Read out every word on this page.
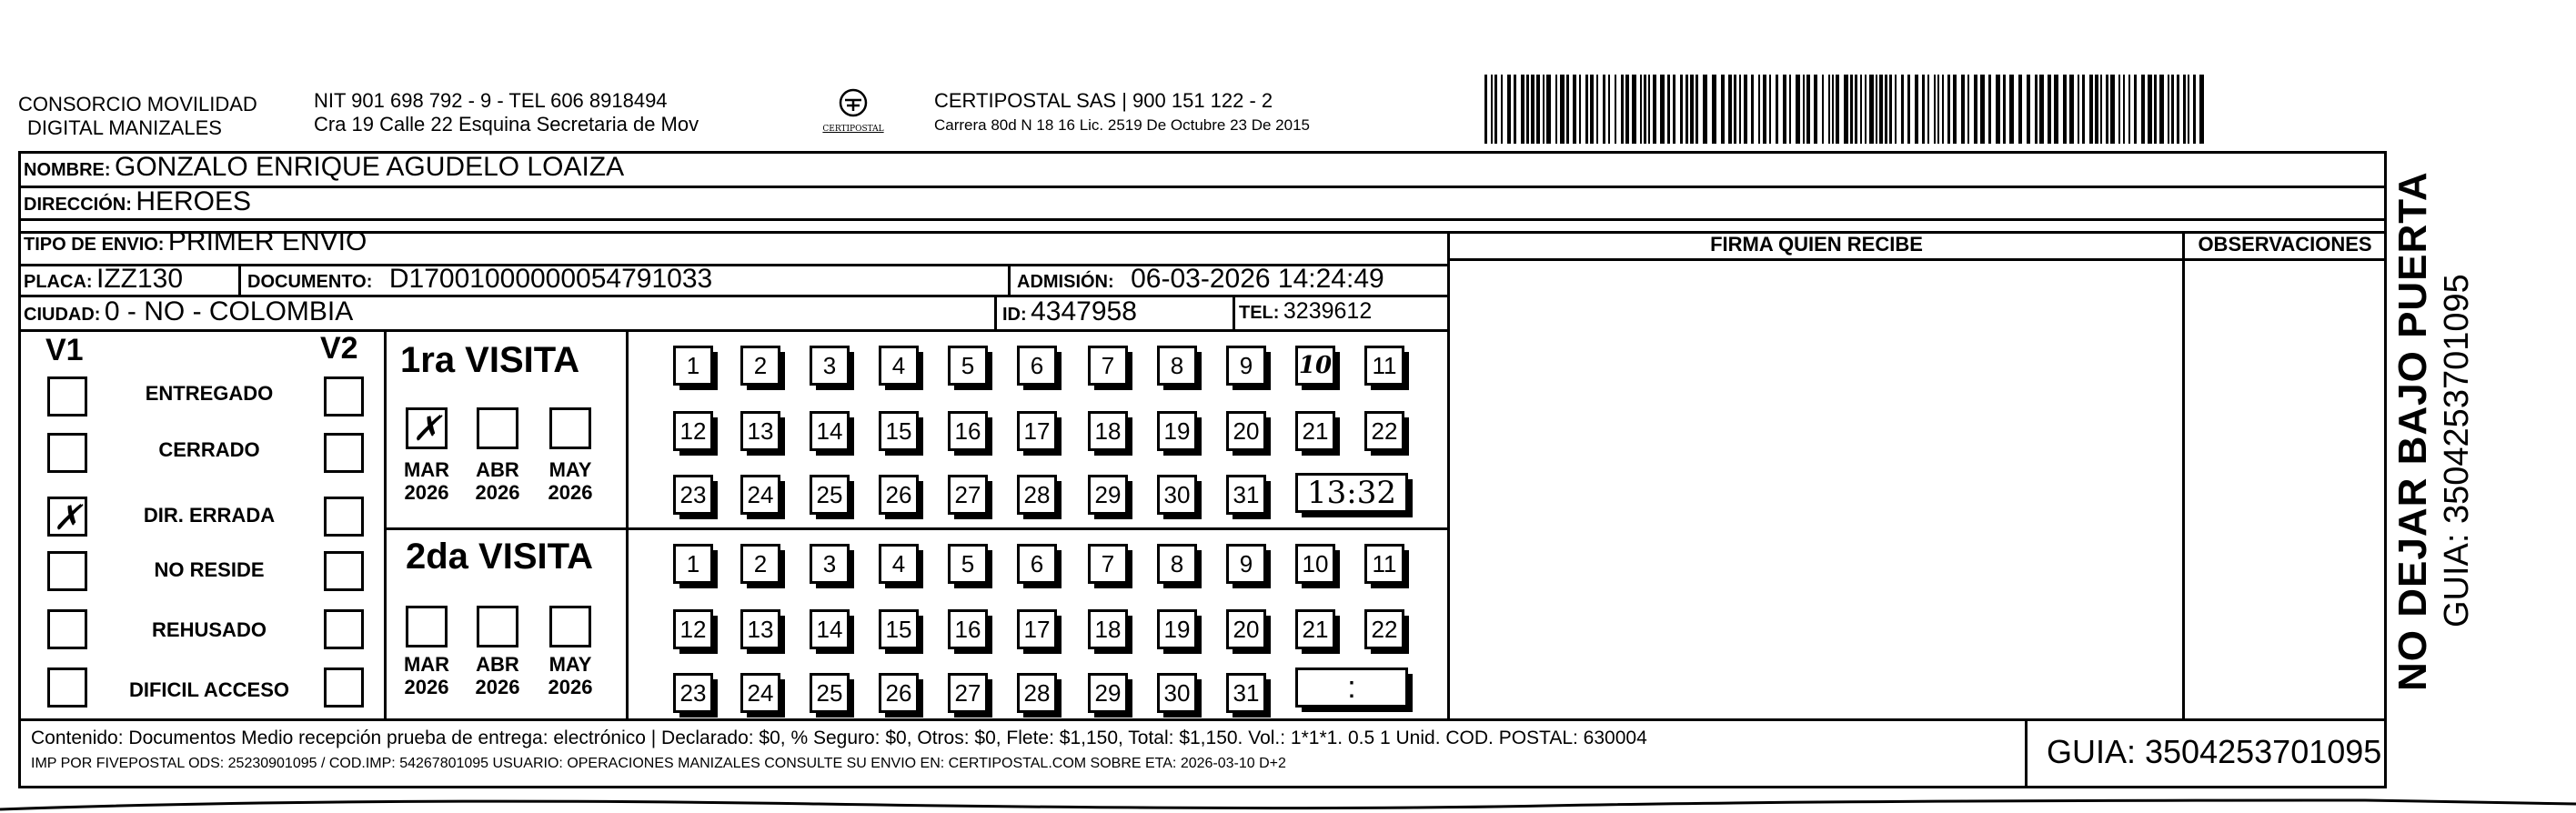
CONSORCIO MOVILIDAD
DIGITAL MANIZALES
NIT 901 698 792 - 9 - TEL 606 8918494
Cra 19 Calle 22 Esquina Secretaria de Mov	CERTIPOSTAL
CERTIPOSTAL SAS | 900 151 122 - 2
Carrera 80d N 18 16 Lic. 2519 De Octubre 23 De 2015
NOMBRE: GONZALO ENRIQUE AGUDELO LOAIZA
DIRECCIÓN: HEROES
TIPO DE ENVIO: PRIMER ENVIO
PLACA: IZZ130	DOCUMENTO: D17001000000054791033	ADMISIÓN: 06-03-2026 14:24:49
CIUDAD: 0 - NO - COLOMBIA	ID: 4347958	TEL: 3239612
FIRMA QUIEN RECIBE	OBSERVACIONES
V1	V2
ENTREGADO
CERRADO
✗	DIR. ERRADA
NO RESIDE
REHUSADO
DIFICIL ACCESO
1ra VISITA
✗
MAR
2026
ABR
2026
MAY
2026
1	2	3	4	5	6	7	8	9	10	11
12 13 14 15 16 17 18 19 20 21 22
23 24 25 26 27 28 29 30 31	13:32
2da VISITA
MAR
2026
ABR
2026
MAY
2026
1	2	3	4	5	6	7	8	9	10	11
12 13 14 15 16 17 18 19 20 21 22
23 24 25 26 27 28 29 30 31	:
Contenido: Documentos Medio recepción prueba de entrega: electrónico | Declarado: $0, % Seguro: $0, Otros: $0, Flete: $1,150, Total: $1,150. Vol.: 1*1*1. 0.5 1 Unid. COD. POSTAL: 630004
IMP POR FIVEPOSTAL ODS: 25230901095 / COD.IMP: 54267801095 USUARIO: OPERACIONES MANIZALES CONSULTE SU ENVIO EN: CERTIPOSTAL.COM SOBRE ETA: 2026-03-10 D+2	GUIA: 3504253701095
NO DEJAR BAJO PUERTA GUIA: 3504253701095
